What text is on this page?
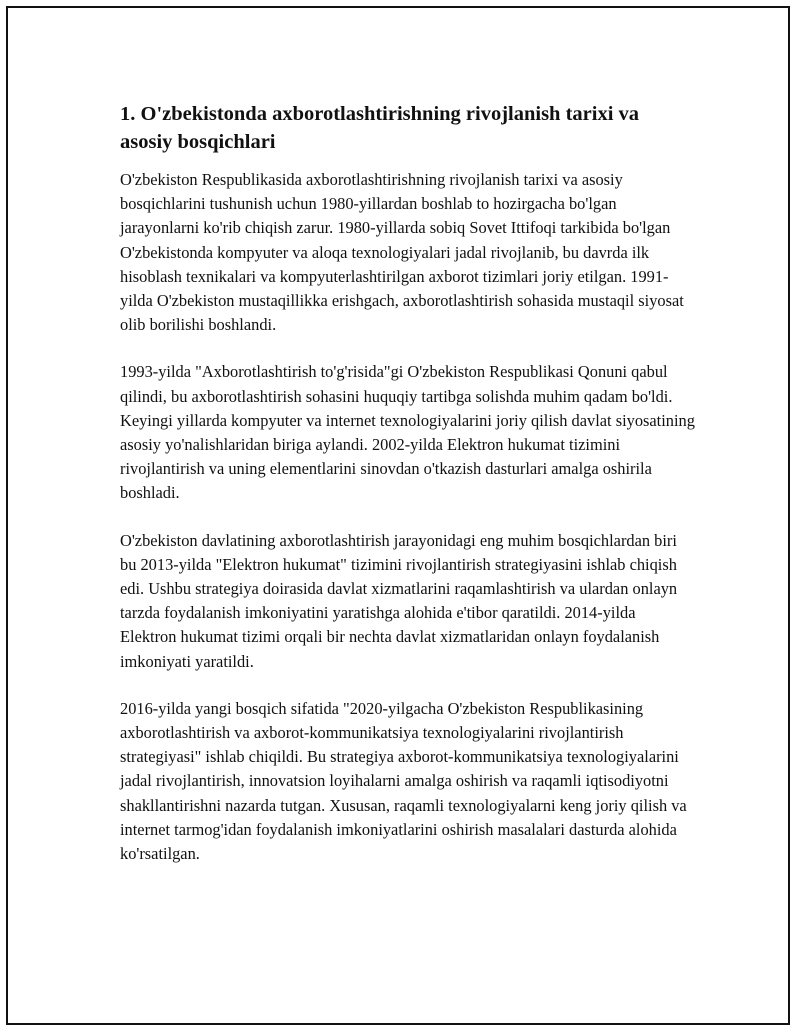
1. O'zbekistonda axborotlashtirishning rivojlanish tarixi va asosiy bosqichlari

O'zbekiston Respublikasida axborotlashtirishning rivojlanish tarixi va asosiy bosqichlarini tushunish uchun 1980-yillardan boshlab to hozirgacha bo'lgan jarayonlarni ko'rib chiqish zarur. 1980-yillarda sobiq Sovet Ittifoqi tarkibida bo'lgan O'zbekistonda kompyuter va aloqa texnologiyalari jadal rivojlanib, bu davrda ilk hisoblash texnikalari va kompyuterlashtirilgan axborot tizimlari joriy etilgan. 1991-yilda O'zbekiston mustaqillikka erishgach, axborotlashtirish sohasida mustaqil siyosat olib borilishi boshlandi.

1993-yilda "Axborotlashtirish to'g'risida"gi O'zbekiston Respublikasi Qonuni qabul qilindi, bu axborotlashtirish sohasini huquqiy tartibga solishda muhim qadam bo'ldi. Keyingi yillarda kompyuter va internet texnologiyalarini joriy qilish davlat siyosatining asosiy yo'nalishlaridan biriga aylandi. 2002-yilda Elektron hukumat tizimini rivojlantirish va uning elementlarini sinovdan o'tkazish dasturlari amalga oshirila boshladi.

O'zbekiston davlatining axborotlashtirish jarayonidagi eng muhim bosqichlardan biri bu 2013-yilda "Elektron hukumat" tizimini rivojlantirish strategiyasini ishlab chiqish edi. Ushbu strategiya doirasida davlat xizmatlarini raqamlashtirish va ulardan onlayn tarzda foydalanish imkoniyatini yaratishga alohida e'tibor qaratildi. 2014-yilda Elektron hukumat tizimi orqali bir nechta davlat xizmatlaridan onlayn foydalanish imkoniyati yaratildi.

2016-yilda yangi bosqich sifatida "2020-yilgacha O'zbekiston Respublikasining axborotlashtirish va axborot-kommunikatsiya texnologiyalarini rivojlantirish strategiyasi" ishlab chiqildi. Bu strategiya axborot-kommunikatsiya texnologiyalarini jadal rivojlantirish, innovatsion loyihalarni amalga oshirish va raqamli iqtisodiyotni shakllantirishni nazarda tutgan. Xususan, raqamli texnologiyalarni keng joriy qilish va internet tarmog'idan foydalanish imkoniyatlarini oshirish masalalari dasturda alohida ko'rsatilgan.
